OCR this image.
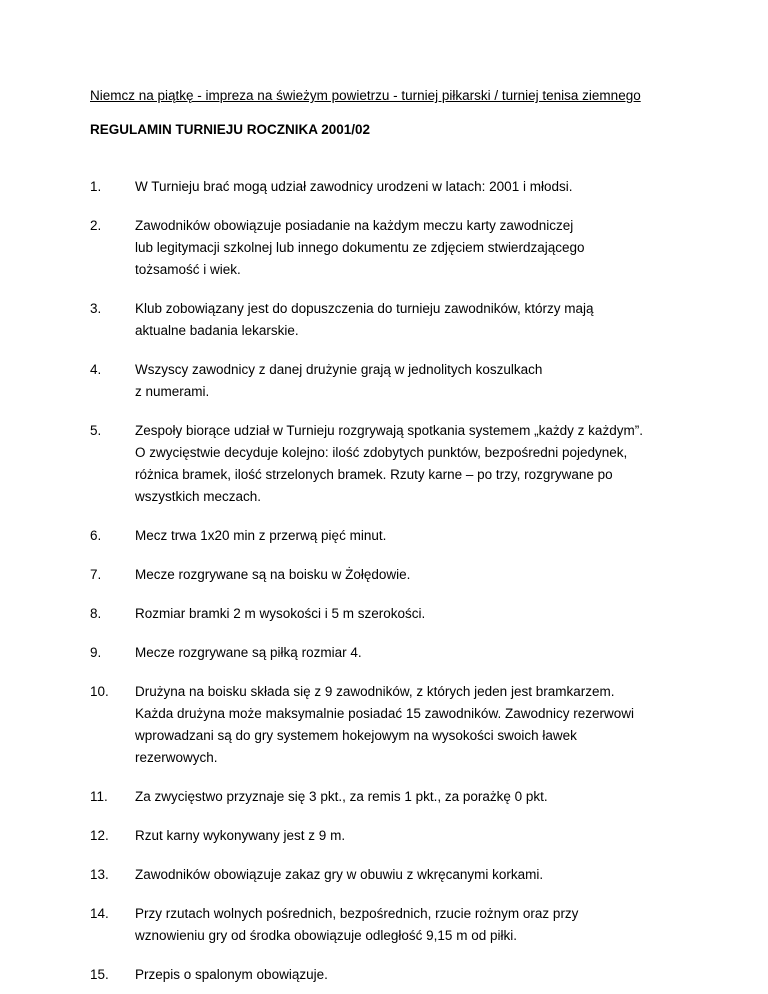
Niemcz na piątkę - impreza na świeżym powietrzu - turniej piłkarski / turniej tenisa ziemnego
REGULAMIN TURNIEJU ROCZNIKA 2001/02
1.	W Turnieju brać mogą udział zawodnicy urodzeni w latach: 2001 i młodsi.
2.	Zawodników obowiązuje posiadanie na każdym meczu karty zawodniczej
lub legitymacji szkolnej lub innego dokumentu ze zdjęciem stwierdzającego
tożsamość i wiek.
3.	Klub zobowiązany jest do dopuszczenia do turnieju zawodników, którzy mają
aktualne badania lekarskie.
4.	Wszyscy zawodnicy z danej drużynie grają w jednolitych koszulkach
z numerami.
5.	Zespoły biorące udział w Turnieju rozgrywają spotkania systemem „każdy z każdym”.
O zwycięstwie decyduje kolejno: ilość zdobytych punktów, bezpośredni pojedynek,
różnica bramek, ilość strzelonych bramek. Rzuty karne – po trzy, rozgrywane po
wszystkich meczach.
6.	Mecz trwa 1x20 min z przerwą pięć minut.
7.	Mecze rozgrywane są na boisku w Żołędowie.
8.	Rozmiar bramki 2 m wysokości i 5 m szerokości.
9.	Mecze rozgrywane są piłką rozmiar 4.
10.	Drużyna na boisku składa się z 9 zawodników, z których jeden jest bramkarzem.
Każda drużyna może maksymalnie posiadać 15 zawodników. Zawodnicy rezerwowi
wprowadzani są do gry systemem hokejowym na wysokości swoich ławek
rezerwowych.
11.	Za zwycięstwo przyznaje się 3 pkt., za remis 1 pkt., za porażkę 0 pkt.
12.	Rzut karny wykonywany jest z 9 m.
13.	Zawodników obowiązuje zakaz gry w obuwiu z wkręcanymi korkami.
14.	Przy rzutach wolnych pośrednich, bezpośrednich, rzucie rożnym oraz przy
wznowieniu gry od środka obowiązuje odległość 9,15 m od piłki.
15.	Przepis o spalonym obowiązuje.
